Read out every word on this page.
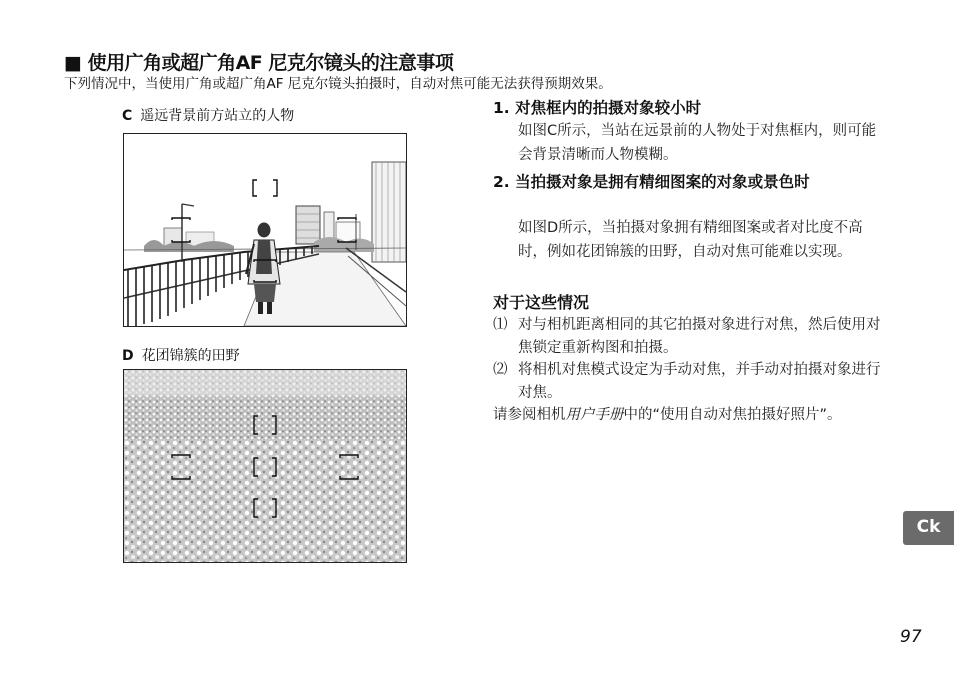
■ 使用广角或超广角AF 尼克尔镜头的注意事项
下列情况中，当使用广角或超广角AF 尼克尔镜头拍摄时，自动对焦可能无法获得预期效果。
C 遥远背景前方站立的人物
D 花团锦簇的田野
1. 对焦框内的拍摄对象较小时
如图C所示，当站在远景前的人物处于对焦框内，则可能会背景清晰而人物模糊。
2. 当拍摄对象是拥有精细图案的对象或景色时
如图D所示，当拍摄对象拥有精细图案或者对比度不高时，例如花团锦簇的田野，自动对焦可能难以实现。
对于这些情况
⑴ 对与相机距离相同的其它拍摄对象进行对焦，然后使用对焦锁定重新构图和拍摄。
⑵ 将相机对焦模式设定为手动对焦，并手动对拍摄对象进行对焦。
请参阅相机用户手册中的“使用自动对焦拍摄好照片”。
Ck
97
